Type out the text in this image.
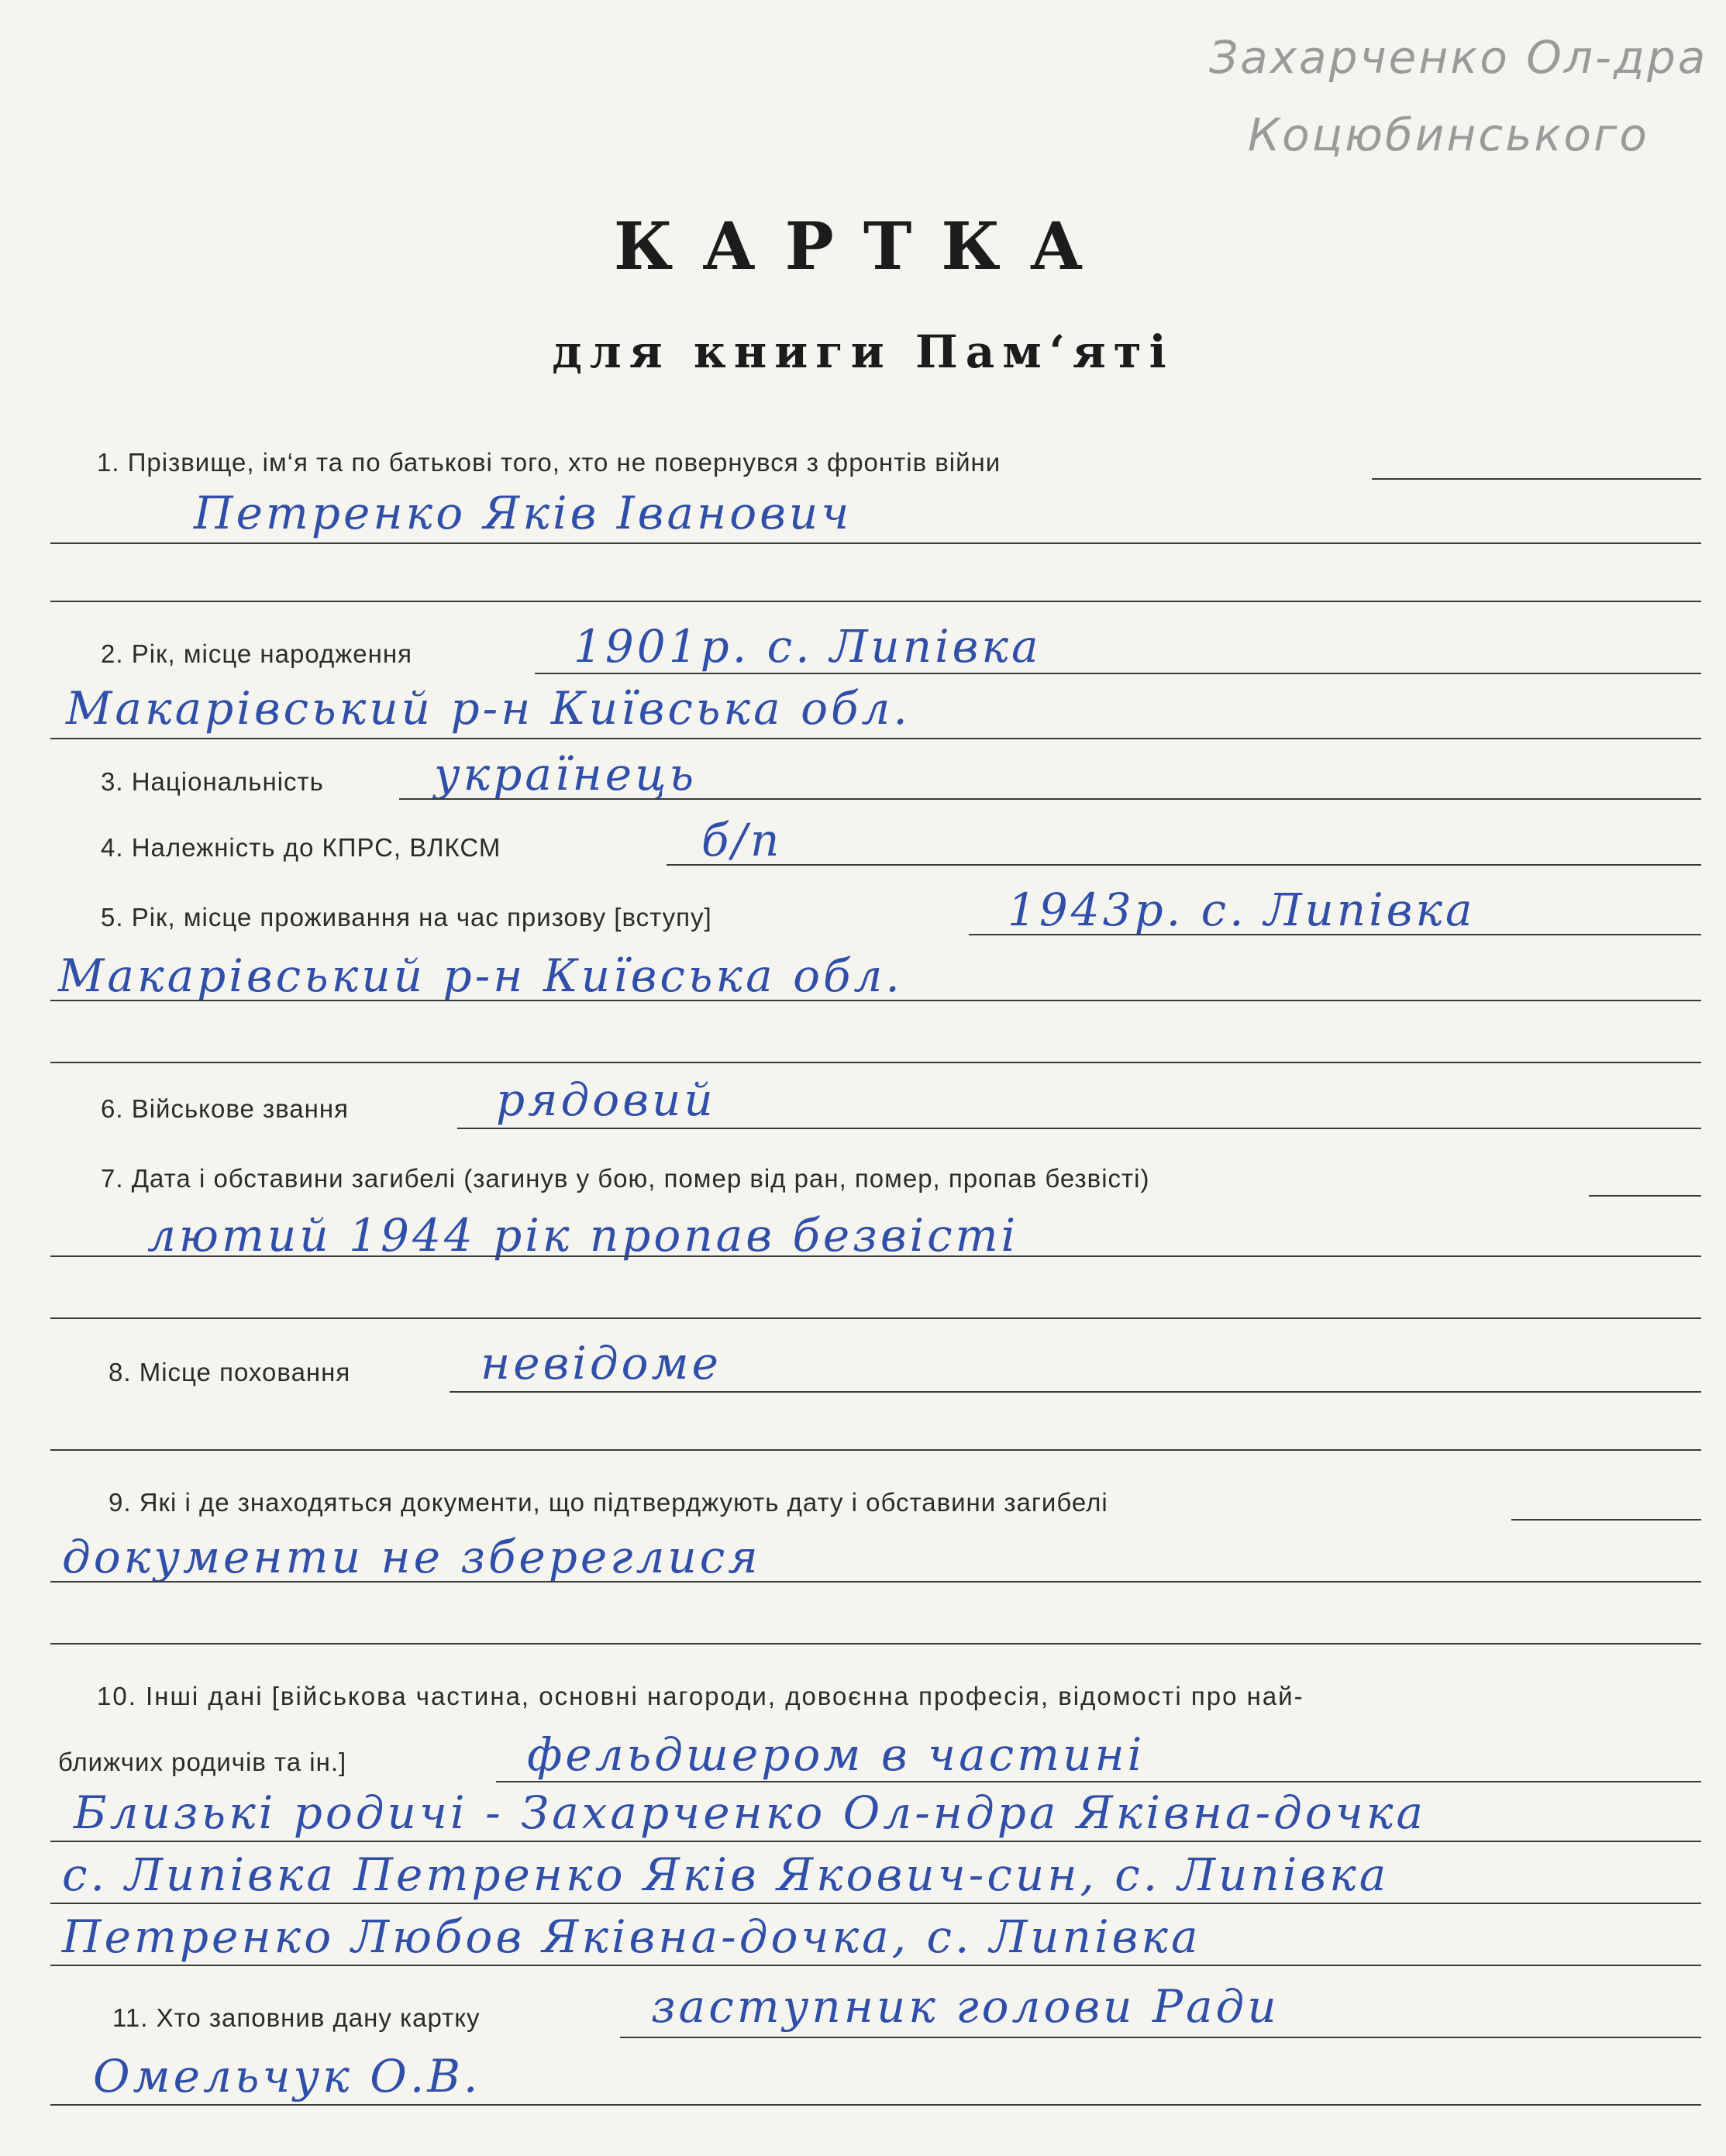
Захарченко Ол-дра
Коцюбинського
КАРТКА
для книги Пам‘яті
1. Прізвище, ім‘я та по батькові того, хто не повернувся з фронтів війни
Петренко Яків Іванович
2. Рік, місце народження	1901р. с. Липівка
Макарівський р-н Київська обл.
3. Національність українець
4. Належність до КПРС, ВЛКСМ	б/п
5. Рік, місце проживання на час призову [вступу]	1943р. с. Липівка
Макарівський р-н Київська обл.
6. Військове звання	рядовий
7. Дата і обставини загибелі (загинув у бою, помер від ран, помер, пропав безвісті)
лютий 1944 рік пропав безвісті
8. Місце поховання	невідоме
9. Які і де знаходяться документи, що підтверджують дату і обставини загибелі
документи не збереглися
10. Інші дані [військова частина, основні нагороди, довоєнна професія, відомості про най-
ближчих родичів та ін.]	фельдшером в частині
Близькі родичі - Захарченко Ол-ндра Яківна-дочка
с. Липівка Петренко Яків Якович-син, с. Липівка
Петренко Любов Яківна-дочка, с. Липівка
11. Хто заповнив дану картку	заступник голови Ради
Омельчук О.В.
